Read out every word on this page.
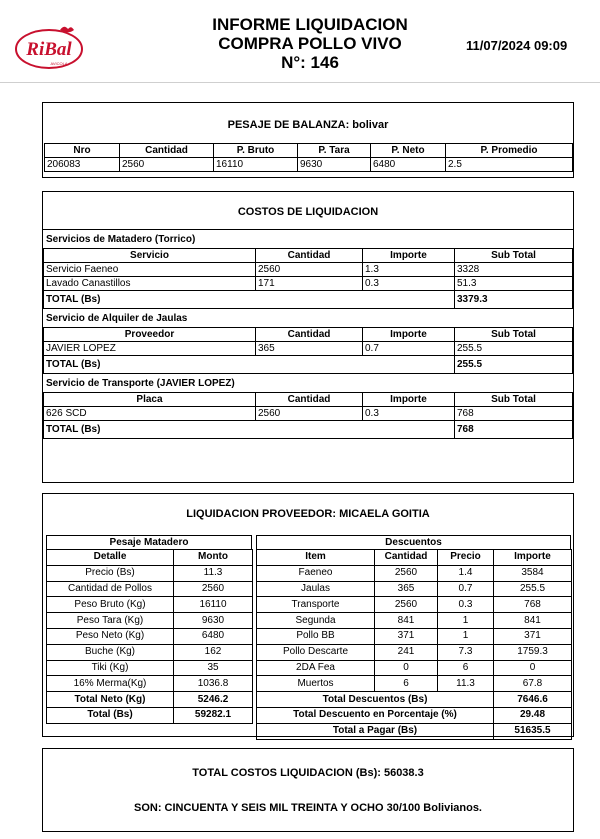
RiBal
AVICOLA
INFORME LIQUIDACION
COMPRA POLLO VIVO
N°: 146
11/07/2024 09:09
PESAJE DE BALANZA: bolivar
Nro	Cantidad	P. Bruto	P. Tara	P. Neto	P. Promedio
206083	2560	16110	9630	6480	2.5
COSTOS DE LIQUIDACION
Servicios de Matadero (Torrico)
Servicio	Cantidad	Importe	Sub Total
Servicio Faeneo	2560	1.3	3328
Lavado Canastillos	171	0.3	51.3
TOTAL (Bs)			3379.3
Servicio de Alquiler de Jaulas
Proveedor	Cantidad	Importe	Sub Total
JAVIER LOPEZ	365	0.7	255.5
TOTAL (Bs)			255.5
Servicio de Transporte (JAVIER LOPEZ)
Placa	Cantidad	Importe	Sub Total
626 SCD	2560	0.3	768
TOTAL (Bs)			768
LIQUIDACION PROVEEDOR: MICAELA GOITIA
Pesaje Matadero
Detalle	Monto
Precio (Bs)	11.3
Cantidad de Pollos	2560
Peso Bruto (Kg)	16110
Peso Tara (Kg)	9630
Peso Neto (Kg)	6480
Buche (Kg)	162
Tiki (Kg)	35
16% Merma(Kg)	1036.8
Total Neto (Kg)	5246.2
Total (Bs)	59282.1
Descuentos
Item	Cantidad	Precio	Importe
Faeneo	2560	1.4	3584
Jaulas	365	0.7	255.5
Transporte	2560	0.3	768
Segunda	841	1	841
Pollo BB	371	1	371
Pollo Descarte	241	7.3	1759.3
2DA Fea	0	6	0
Muertos	6	11.3	67.8
Total Descuentos (Bs)			7646.6
Total Descuento en Porcentaje (%)			29.48
Total a Pagar (Bs)			51635.5
TOTAL COSTOS LIQUIDACION (Bs): 56038.3
SON: CINCUENTA Y SEIS MIL TREINTA Y OCHO 30/100 Bolivianos.
